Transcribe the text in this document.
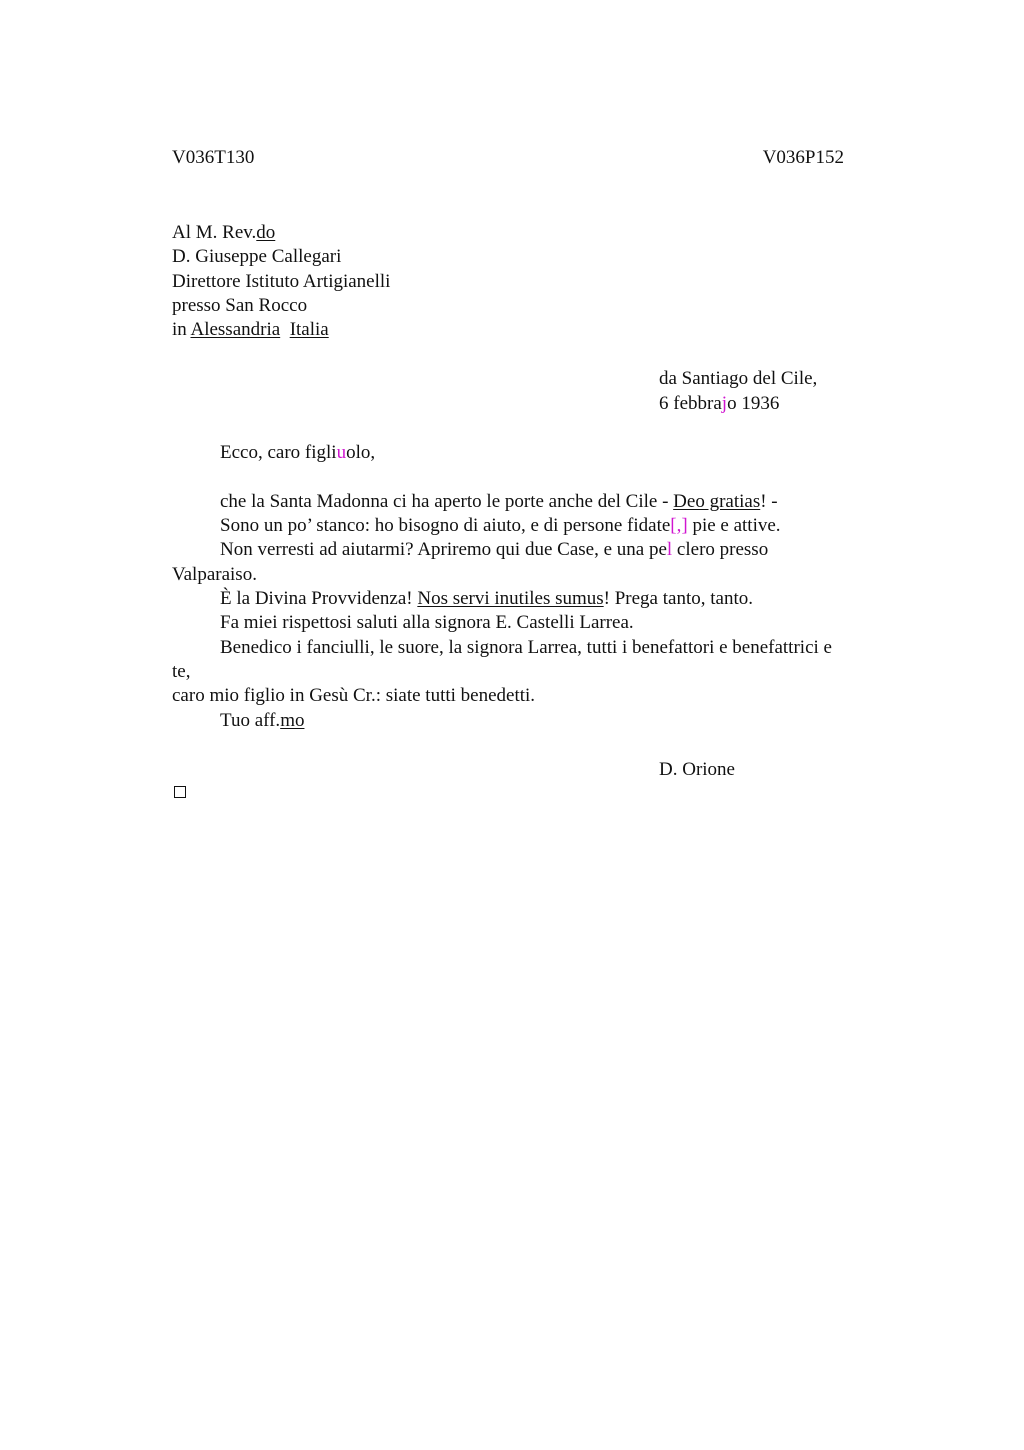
V036T130	V036P152
Al M. Rev.do
D. Giuseppe Callegari
Direttore Istituto Artigianelli
presso San Rocco
in Alessandria Italia
da Santiago del Cile,
6 febbrajo 1936
Ecco, caro figliuolo,
che la Santa Madonna ci ha aperto le porte anche del Cile - Deo gratias! -
Sono un po’ stanco: ho bisogno di aiuto, e di persone fidate[,] pie e attive.
Non verresti ad aiutarmi? Apriremo qui due Case, e una pel clero presso
Valparaiso.
È la Divina Provvidenza! Nos servi inutiles sumus! Prega tanto, tanto.
Fa miei rispettosi saluti alla signora E. Castelli Larrea.
Benedico i fanciulli, le suore, la signora Larrea, tutti i benefattori e benefattrici e
te,
caro mio figlio in Gesù Cr.: siate tutti benedetti.
Tuo aff.mo
D. Orione
